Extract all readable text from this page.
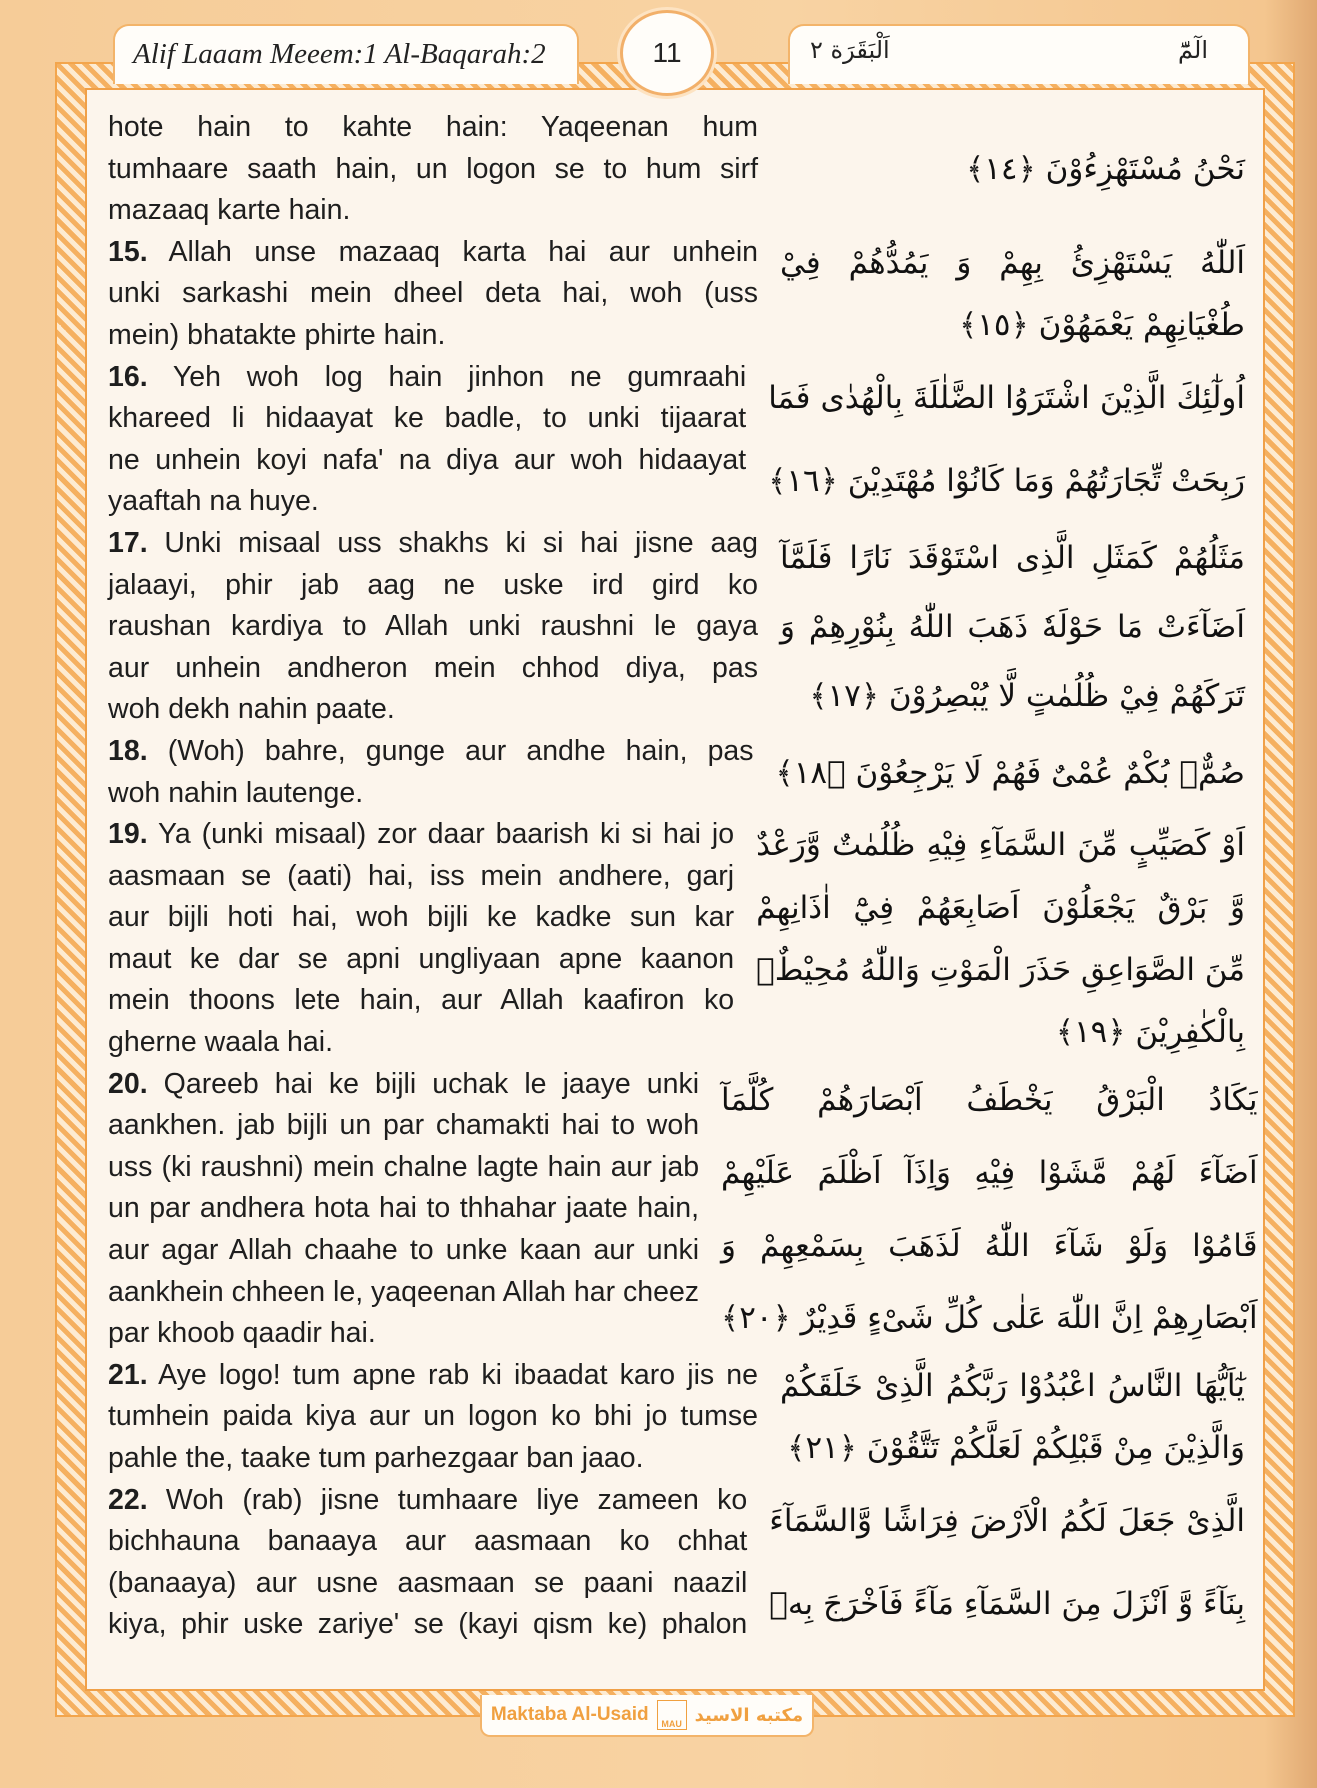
Alif Laaam Meeem:1 Al-Baqarah:2	11	اَلْبَقَرَة ٢	الٓمّٓ
hote hain to kahte hain: Yaqeenan hum
tumhaare saath hain, un logon se to hum sirf
mazaaq karte hain.
نَحْنُ مُسْتَهْزِءُوْنَ ﴿١٤﴾
15. Allah unse mazaaq karta hai aur unhein
unki sarkashi mein dheel deta hai, woh (uss
mein) bhatakte phirte hain.
اَللّٰهُ يَسْتَهْزِئُ بِهِمْ وَ يَمُدُّهُمْ فِيْ
طُغْيَانِهِمْ يَعْمَهُوْنَ ﴿١٥﴾
16. Yeh woh log hain jinhon ne gumraahi
khareed li hidaayat ke badle, to unki tijaarat
ne unhein koyi nafa' na diya aur woh hidaayat
yaaftah na huye.
اُولٰٓئِكَ الَّذِيْنَ اشْتَرَوُا الضَّلٰلَةَ بِالْهُدٰى فَمَا
رَبِحَتْ تِّجَارَتُهُمْ وَمَا كَانُوْا مُهْتَدِيْنَ ﴿١٦﴾
17. Unki misaal uss shakhs ki si hai jisne aag
jalaayi, phir jab aag ne uske ird gird ko
raushan kardiya to Allah unki raushni le gaya
aur unhein andheron mein chhod diya, pas
woh dekh nahin paate.
مَثَلُهُمْ كَمَثَلِ الَّذِى اسْتَوْقَدَ نَارًا فَلَمَّآ
اَضَآءَتْ مَا حَوْلَهٗ ذَهَبَ اللّٰهُ بِنُوْرِهِمْ وَ
تَرَكَهُمْ فِيْ ظُلُمٰتٍ لَّا يُبْصِرُوْنَ ﴿١٧﴾
18. (Woh) bahre, gunge aur andhe hain, pas
woh nahin lautenge.
صُمٌّۢ بُكْمٌ عُمْىٌ فَهُمْ لَا يَرْجِعُوْنَ ﴿١٨﴾
19. Ya (unki misaal) zor daar baarish ki si hai jo
aasmaan se (aati) hai, iss mein andhere, garj
aur bijli hoti hai, woh bijli ke kadke sun kar
maut ke dar se apni ungliyaan apne kaanon
mein thoons lete hain, aur Allah kaafiron ko
gherne waala hai.
اَوْ كَصَيِّبٍ مِّنَ السَّمَآءِ فِيْهِ ظُلُمٰتٌ وَّرَعْدٌ
وَّ بَرْقٌ يَجْعَلُوْنَ اَصَابِعَهُمْ فِيْٓ اٰذَانِهِمْ
مِّنَ الصَّوَاعِقِ حَذَرَ الْمَوْتِ وَاللّٰهُ مُحِيْطٌۢ
بِالْكٰفِرِيْنَ ﴿١٩﴾
20. Qareeb hai ke bijli uchak le jaaye unki
aankhen. jab bijli un par chamakti hai to woh
uss (ki raushni) mein chalne lagte hain aur jab
un par andhera hota hai to thhahar jaate hain,
aur agar Allah chaahe to unke kaan aur unki
aankhein chheen le, yaqeenan Allah har cheez
par khoob qaadir hai.
يَكَادُ الْبَرْقُ يَخْطَفُ اَبْصَارَهُمْ كُلَّمَآ
اَضَآءَ لَهُمْ مَّشَوْا فِيْهِ وَاِذَآ اَظْلَمَ عَلَيْهِمْ
قَامُوْا وَلَوْ شَآءَ اللّٰهُ لَذَهَبَ بِسَمْعِهِمْ وَ
اَبْصَارِهِمْ اِنَّ اللّٰهَ عَلٰى كُلِّ شَىْءٍ قَدِيْرٌ ﴿٢٠﴾
21. Aye logo! tum apne rab ki ibaadat karo jis ne
tumhein paida kiya aur un logon ko bhi jo tumse
pahle the, taake tum parhezgaar ban jaao.
يٰٓاَيُّهَا النَّاسُ اعْبُدُوْا رَبَّكُمُ الَّذِىْ خَلَقَكُمْ
وَالَّذِيْنَ مِنْ قَبْلِكُمْ لَعَلَّكُمْ تَتَّقُوْنَ ﴿٢١﴾
22. Woh (rab) jisne tumhaare liye zameen ko
bichhauna banaaya aur aasmaan ko chhat
(banaaya) aur usne aasmaan se paani naazil
kiya, phir uske zariye' se (kayi qism ke) phalon
الَّذِىْ جَعَلَ لَكُمُ الْاَرْضَ فِرَاشًا وَّالسَّمَآءَ
بِنَآءً وَّ اَنْزَلَ مِنَ السَّمَآءِ مَآءً فَاَخْرَجَ بِهٖ
Maktaba Al-Usaid	MAU مكتبه الاسيد
